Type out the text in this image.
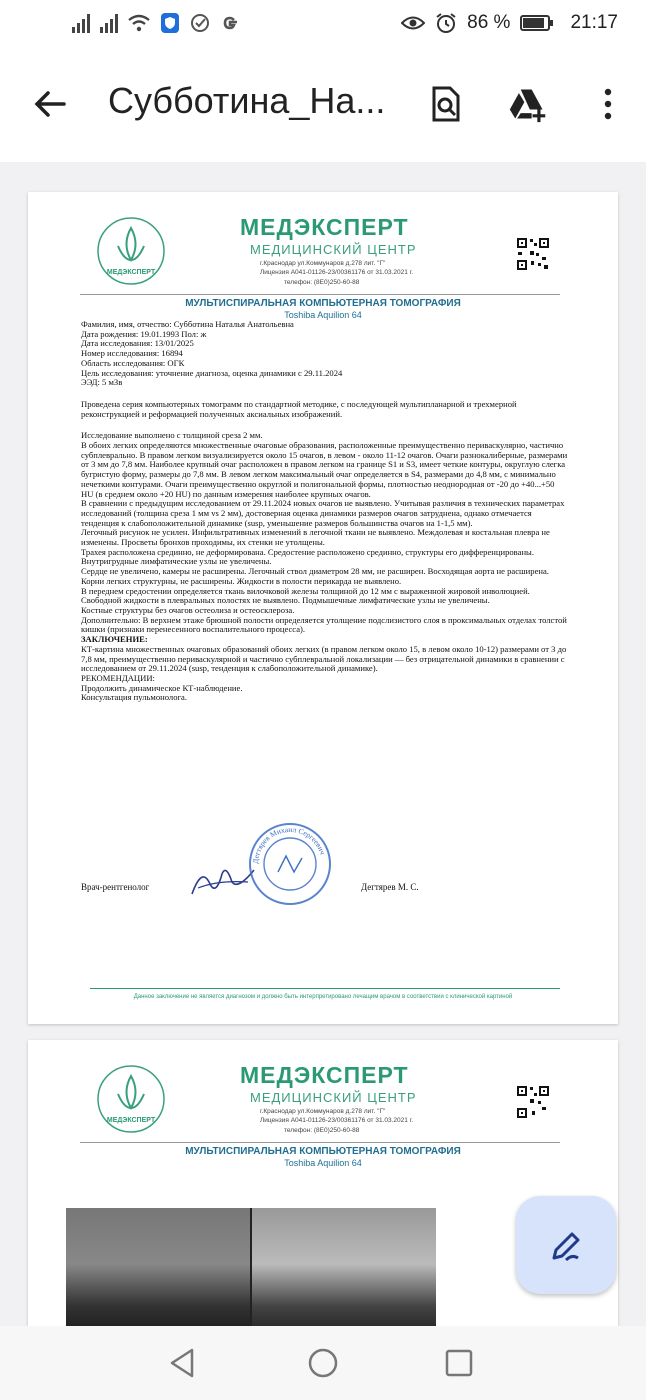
86 %	21:17
Субботина_На...
МЕДЭКСПЕРТ
МЕДЭКСПЕРТ
МЕДИЦИНСКИЙ ЦЕНТР
г.Краснодар ул.Коммунаров д.278 лит. "Г"
Лицензия А041-01126-23/00361176 от 31.03.2021 г.
телефон: (8E0)250-60-88
МУЛЬТИСПИРАЛЬНАЯ КОМПЬЮТЕРНАЯ ТОМОГРАФИЯ
Toshiba Aquilion 64
Фамилия, имя, отчество: Субботина Наталья Анатольевна
Дата рождения: 19.01.1993 Пол: ж
Дата исследования: 13/01/2025
Номер исследования: 16894
Область исследования: ОГК
Цель исследования: уточнение диагноза, оценка динамики с 29.11.2024
ЭЭД: 5 мЗв
Проведена серия компьютерных томограмм по стандартной методике, с последующей мультипланарной и трехмерной реконструкцией и реформацией полученных аксиальных изображений.
Исследование выполнено с толщиной среза 2 мм.
В обоих легких определяются множественные очаговые образования, расположенные преимущественно периваскулярно, частично субплеврально. В правом легком визуализируется около 15 очагов, в левом - около 11-12 очагов. Очаги разнокалиберные, размерами от 3 мм до 7,8 мм. Наиболее крупный очаг расположен в правом легком на границе S1 и S3, имеет четкие контуры, округлую слегка бугристую форму, размеры до 7,8 мм. В левом легком максимальный очаг определяется в S4, размерами до 4,8 мм, с минимально нечеткими контурами. Очаги преимущественно округлой и полигональной формы, плотностью неоднородная от -20 до +40...+50 HU (в среднем около +20 HU) по данным измерения наиболее крупных очагов.
В сравнении с предыдущим исследованием от 29.11.2024 новых очагов не выявлено. Учитывая различия в технических параметрах исследований (толщина среза 1 мм vs 2 мм), достоверная оценка динамики размеров очагов затруднена, однако отмечается тенденция к слабоположительной динамике (susp, уменьшение размеров большинства очагов на 1-1,5 мм).
Легочный рисунок не усилен. Инфильтративных изменений в легочной ткани не выявлено. Междолевая и костальная плевра не изменены. Просветы бронхов проходимы, их стенки не утолщены.
Трахея расположена срединно, не деформирована. Средостение расположено срединно, структуры его дифференцированы. Внутригрудные лимфатические узлы не увеличены.
Сердце не увеличено, камеры не расширены. Легочный ствол диаметром 28 мм, не расширен. Восходящая аорта не расширена. Корни легких структурны, не расширены. Жидкости в полости перикарда не выявлено.
В переднем средостении определяется ткань вилочковой железы толщиной до 12 мм с выраженной жировой инволюцией.
Свободной жидкости в плевральных полостях не выявлено. Подмышечные лимфатические узлы не увеличены.
Костные структуры без очагов остеолиза и остеосклероза.
Дополнительно: В верхнем этаже брюшной полости определяется утолщение подслизистого слоя в проксимальных отделах толстой кишки (признаки перенесенного воспалительного процесса).
ЗАКЛЮЧЕНИЕ:
КТ-картина множественных очаговых образований обоих легких (в правом легком около 15, в левом около 10-12) размерами от 3 до 7,8 мм, преимущественно периваскулярной и частично субплевральной локализации — без отрицательной динамики в сравнении с исследованием от 29.11.2024 (susp, тенденция к слабоположительной динамике).
РЕКОМЕНДАЦИИ:
Продолжить динамическое КТ-наблюдение.
Консультация пульмонолога.
Врач-рентгенолог
Дегтярев Михаил Сергеевич
Дегтярев М. С.
Данное заключение не является диагнозом и должно быть интерпретировано лечащим врачом в соответствии с клинической картиной
МЕДЭКСПЕРТ
МЕДЭКСПЕРТ
МЕДИЦИНСКИЙ ЦЕНТР
г.Краснодар ул.Коммунаров д.278 лит. "Г"
Лицензия А041-01126-23/00361176 от 31.03.2021 г.
телефон: (8E0)250-60-88
МУЛЬТИСПИРАЛЬНАЯ КОМПЬЮТЕРНАЯ ТОМОГРАФИЯ
Toshiba Aquilion 64
